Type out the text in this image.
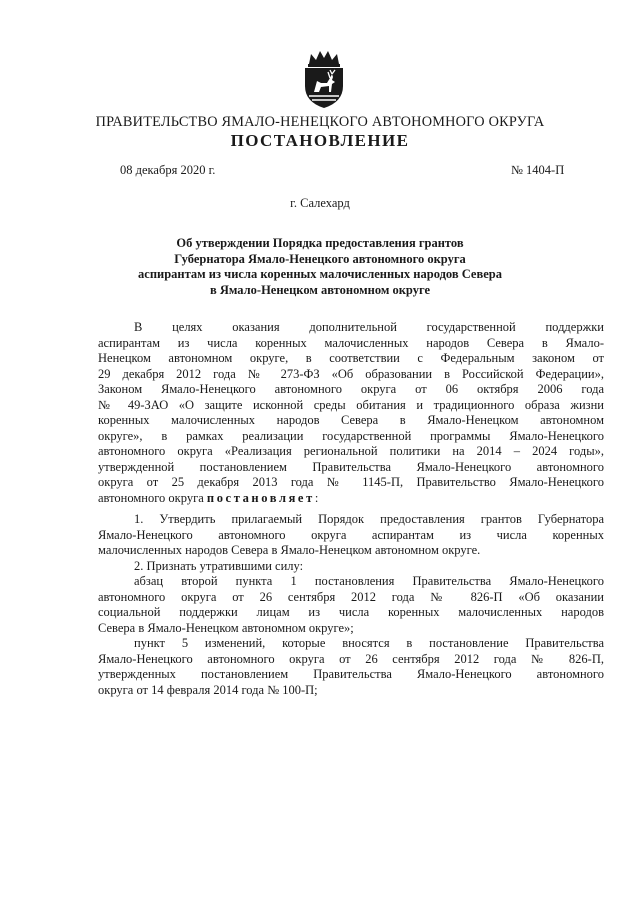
ПРАВИТЕЛЬСТВО ЯМАЛО-НЕНЕЦКОГО АВТОНОМНОГО ОКРУГА
ПОСТАНОВЛЕНИЕ
08 декабря 2020 г.	№ 1404-П
г. Салехард
Об утверждении Порядка предоставления грантов
Губернатора Ямало-Ненецкого автономного округа
аспирантам из числа коренных малочисленных народов Севера
в Ямало-Ненецком автономном округе
В целях оказания дополнительной государственной поддержки
аспирантам из числа коренных малочисленных народов Севера в Ямало-
Ненецком автономном округе, в соответствии с Федеральным законом от
29 декабря 2012 года № 273-ФЗ «Об образовании в Российской Федерации»,
Законом Ямало-Ненецкого автономного округа от 06 октября 2006 года
№ 49-ЗАО «О защите исконной среды обитания и традиционного образа жизни
коренных малочисленных народов Севера в Ямало-Ненецком автономном
округе», в рамках реализации государственной программы Ямало-Ненецкого
автономного округа «Реализация региональной политики на 2014 – 2024 годы»,
утвержденной постановлением Правительства Ямало-Ненецкого автономного
округа от 25 декабря 2013 года № 1145-П, Правительство Ямало-Ненецкого
автономного округа постановляет:
1. Утвердить прилагаемый Порядок предоставления грантов Губернатора
Ямало-Ненецкого автономного округа аспирантам из числа коренных
малочисленных народов Севера в Ямало-Ненецком автономном округе.
2. Признать утратившими силу:
абзац второй пункта 1 постановления Правительства Ямало-Ненецкого
автономного округа от 26 сентября 2012 года № 826-П «Об оказании
социальной поддержки лицам из числа коренных малочисленных народов
Севера в Ямало-Ненецком автономном округе»;
пункт 5 изменений, которые вносятся в постановление Правительства
Ямало-Ненецкого автономного округа от 26 сентября 2012 года № 826-П,
утвержденных постановлением Правительства Ямало-Ненецкого автономного
округа от 14 февраля 2014 года № 100-П;
